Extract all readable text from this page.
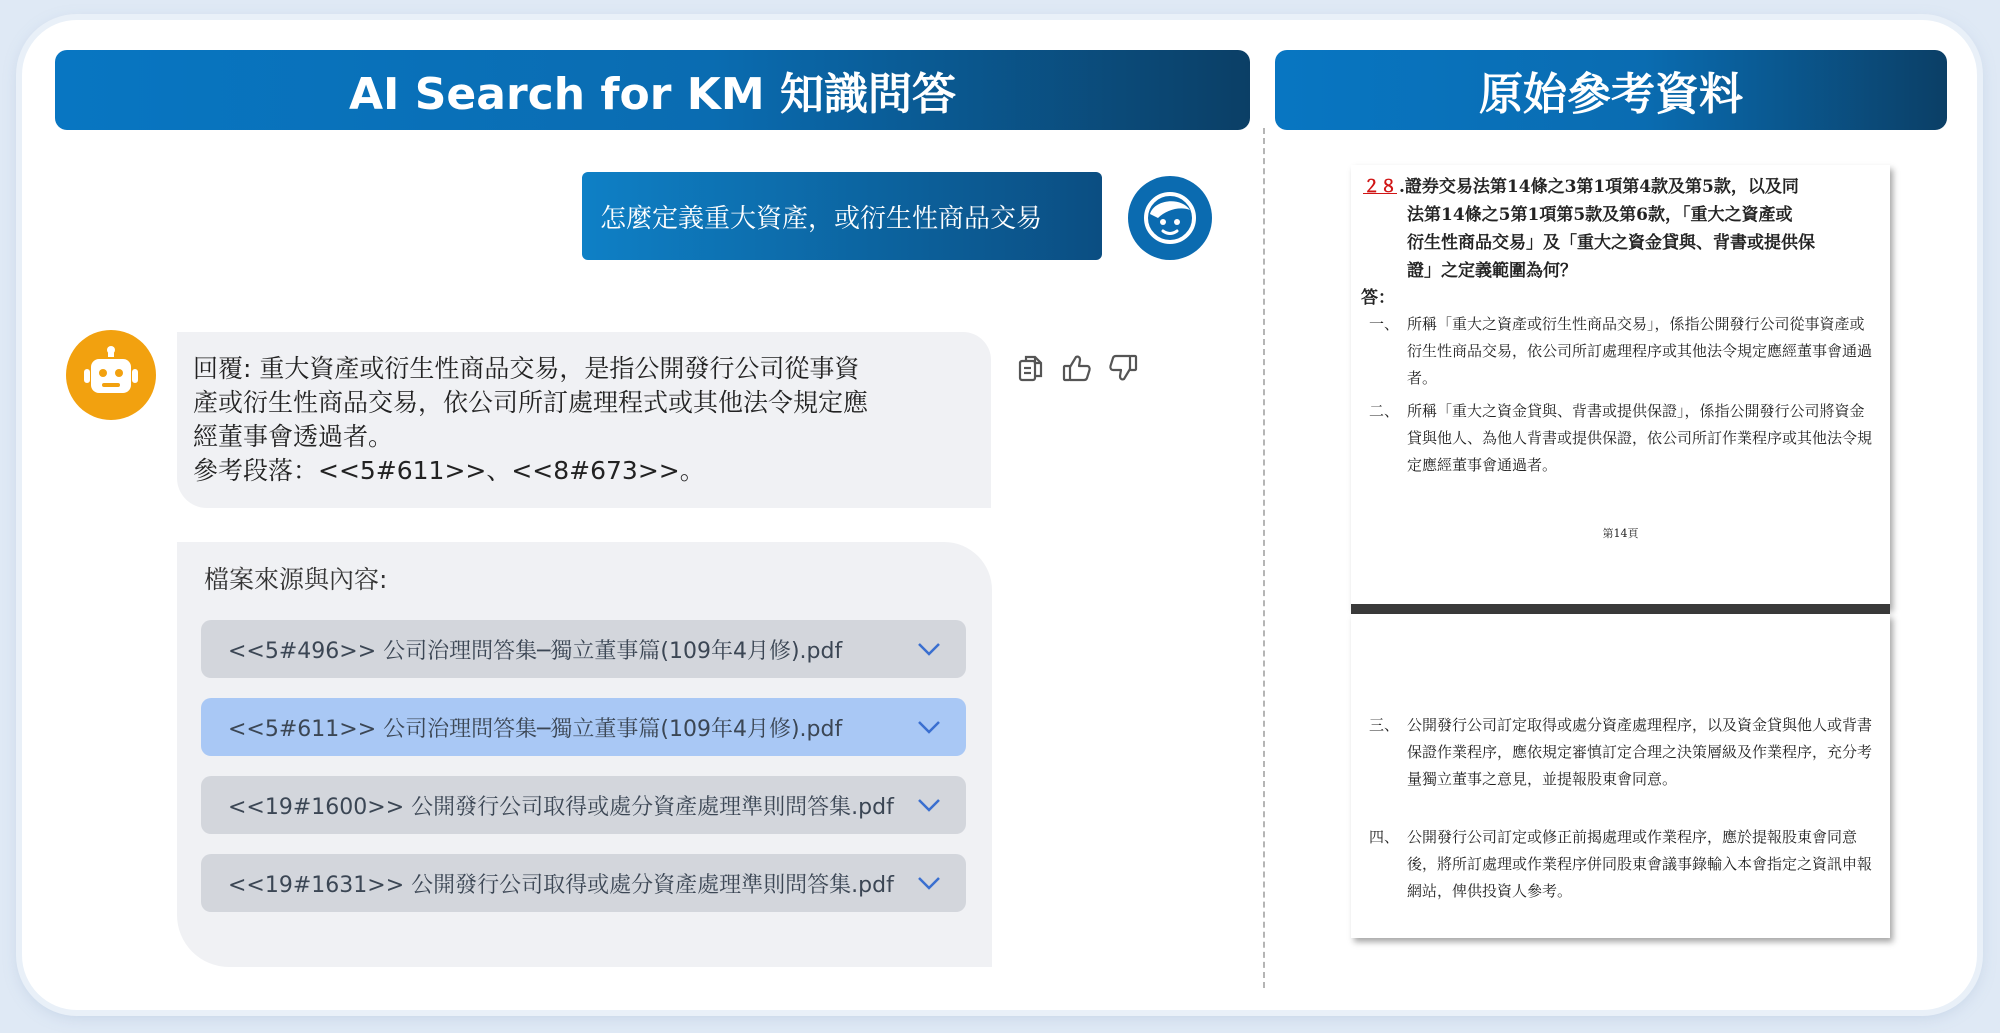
AI Search for KM 知識問答	原始參考資料
怎麼定義重大資產，或衍生性商品交易

回覆: 重大資產或衍生性商品交易，是指公開發行公司從事資

產或衍生性商品交易，依公司所訂處理程式或其他法令規定應

經董事會透過者。

參考段落：<<5#611>>、<<8#673>>。

檔案來源與內容:
<<5#496>> 公司治理問答集─獨立董事篇(109年4月修).pdf
<<5#611>> 公司治理問答集─獨立董事篇(109年4月修).pdf
<<19#1600>> 公開發行公司取得或處分資產處理準則問答集.pdf
<<19#1631>> 公開發行公司取得或處分資產處理準則問答集.pdf
２８ .證券交易法第14條之3第1項第4款及第5款，以及同
法第14條之5第1項第5款及第6款，「重大之資產或
衍生性商品交易」及「重大之資金貸與、背書或提供保
證」之定義範圍為何？
答：
一、 所稱「重大之資產或衍生性商品交易」，係指公開發行公司從事資產或衍生性商品交易，依公司所訂處理程序或其他法令規定應經董事會通過者。
二、 所稱「重大之資金貸與、背書或提供保證」，係指公開發行公司將資金貸與他人、為他人背書或提供保證，依公司所訂作業程序或其他法令規定應經董事會通過者。
第14頁
三、 公開發行公司訂定取得或處分資產處理程序，以及資金貸與他人或背書保證作業程序，應依規定審慎訂定合理之決策層級及作業程序，充分考量獨立董事之意見，並提報股東會同意。
四、 公開發行公司訂定或修正前揭處理或作業程序，應於提報股東會同意後，將所訂處理或作業程序併同股東會議事錄輸入本會指定之資訊申報網站，俾供投資人參考。
